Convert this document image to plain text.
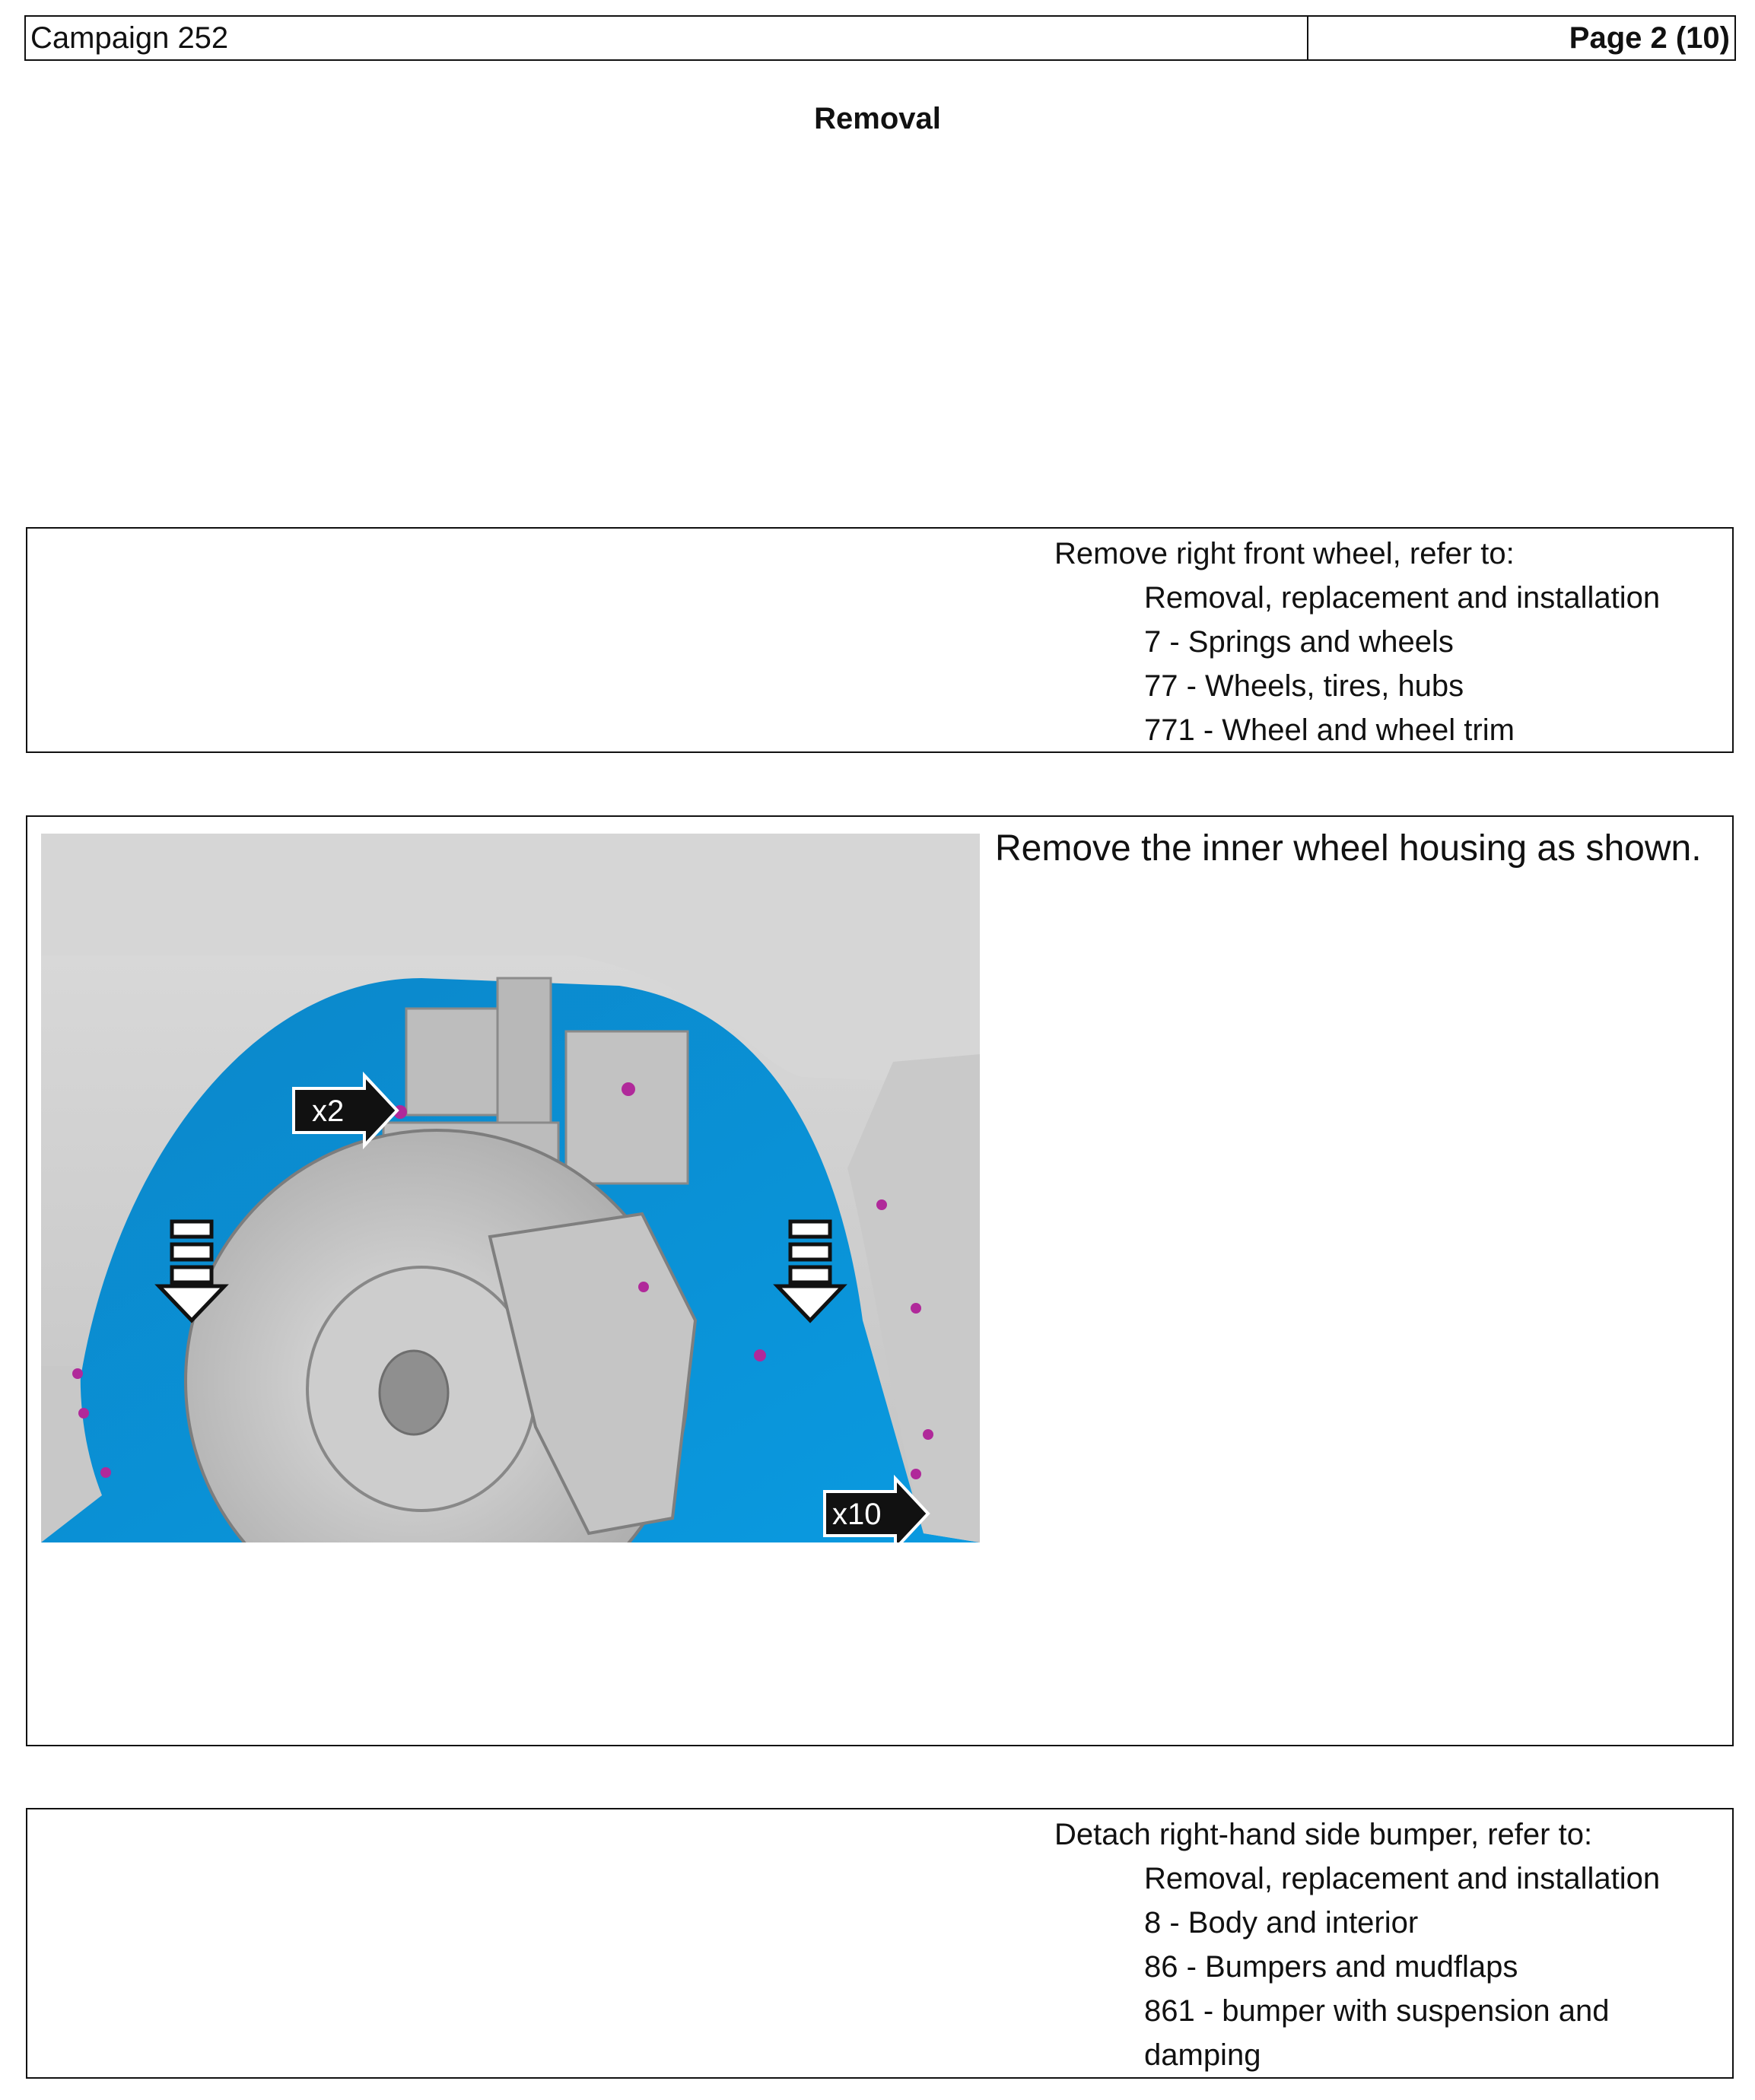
Campaign 252	Page 2 (10)
Removal
Remove right front wheel, refer to:
Removal, replacement and installation
7 - Springs and wheels
77 - Wheels, tires, hubs
771 - Wheel and wheel trim
x2
x10
Remove the inner wheel housing as shown.
Detach right-hand side bumper, refer to:
Removal, replacement and installation
8 - Body and interior
86 - Bumpers and mudflaps
861 - bumper with suspension and
damping
